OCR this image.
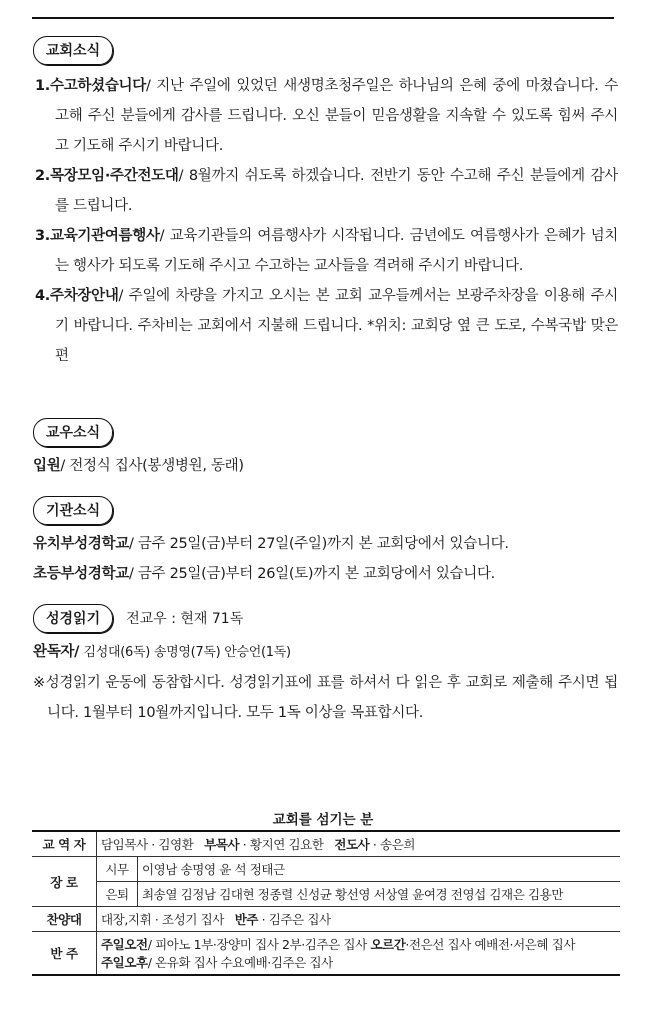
교회소식
1.수고하셨습니다/ 지난 주일에 있었던 새생명초청주일은 하나님의 은혜 중에 마쳤습니다. 수고해 주신 분들에게 감사를 드립니다. 오신 분들이 믿음생활을 지속할 수 있도록 힘써 주시고 기도해 주시기 바랍니다.
2.목장모임·주간전도대/ 8월까지 쉬도록 하겠습니다. 전반기 동안 수고해 주신 분들에게 감사를 드립니다.
3.교육기관여름행사/ 교육기관들의 여름행사가 시작됩니다. 금년에도 여름행사가 은혜가 넘치는 행사가 되도록 기도해 주시고 수고하는 교사들을 격려해 주시기 바랍니다.
4.주차장안내/ 주일에 차량을 가지고 오시는 본 교회 교우들께서는 보광주차장을 이용해 주시기 바랍니다. 주차비는 교회에서 지불해 드립니다. *위치: 교회당 옆 큰 도로, 수복국밥 맞은편
교우소식
입원/ 전정식 집사(봉생병원, 동래)
기관소식
유치부성경학교/ 금주 25일(금)부터 27일(주일)까지 본 교회당에서 있습니다.
초등부성경학교/ 금주 25일(금)부터 26일(토)까지 본 교회당에서 있습니다.
성경읽기 전교우 : 현재 71독
완독자/ 김성대(6독) 송명영(7독) 안승언(1독)
※성경읽기 운동에 동참합시다. 성경읽기표에 표를 하셔서 다 읽은 후 교회로 제출해 주시면 됩니다. 1월부터 10월까지입니다. 모두 1독 이상을 목표합시다.
교회를 섬기는 분
교 역 자	담임목사 · 김영환 부목사 · 황지연 김요한 전도사 · 송은희	
장 로	시무	이영남 송명영 윤 석 정태근
	은퇴	최송열 김정남 김대현 정종렬 신성균 황선영 서상열 윤여경 전영섭 김재은 김용만
찬양대	대장,지휘 · 조성기 집사 반주 · 김주은 집사	
반 주	주일오전/ 피아노 1부·장양미 집사 2부·김주은 집사 오르간·전은선 집사 예배전·서은혜 집사
주일오후/ 온유화 집사 수요예배·김주은 집사	
